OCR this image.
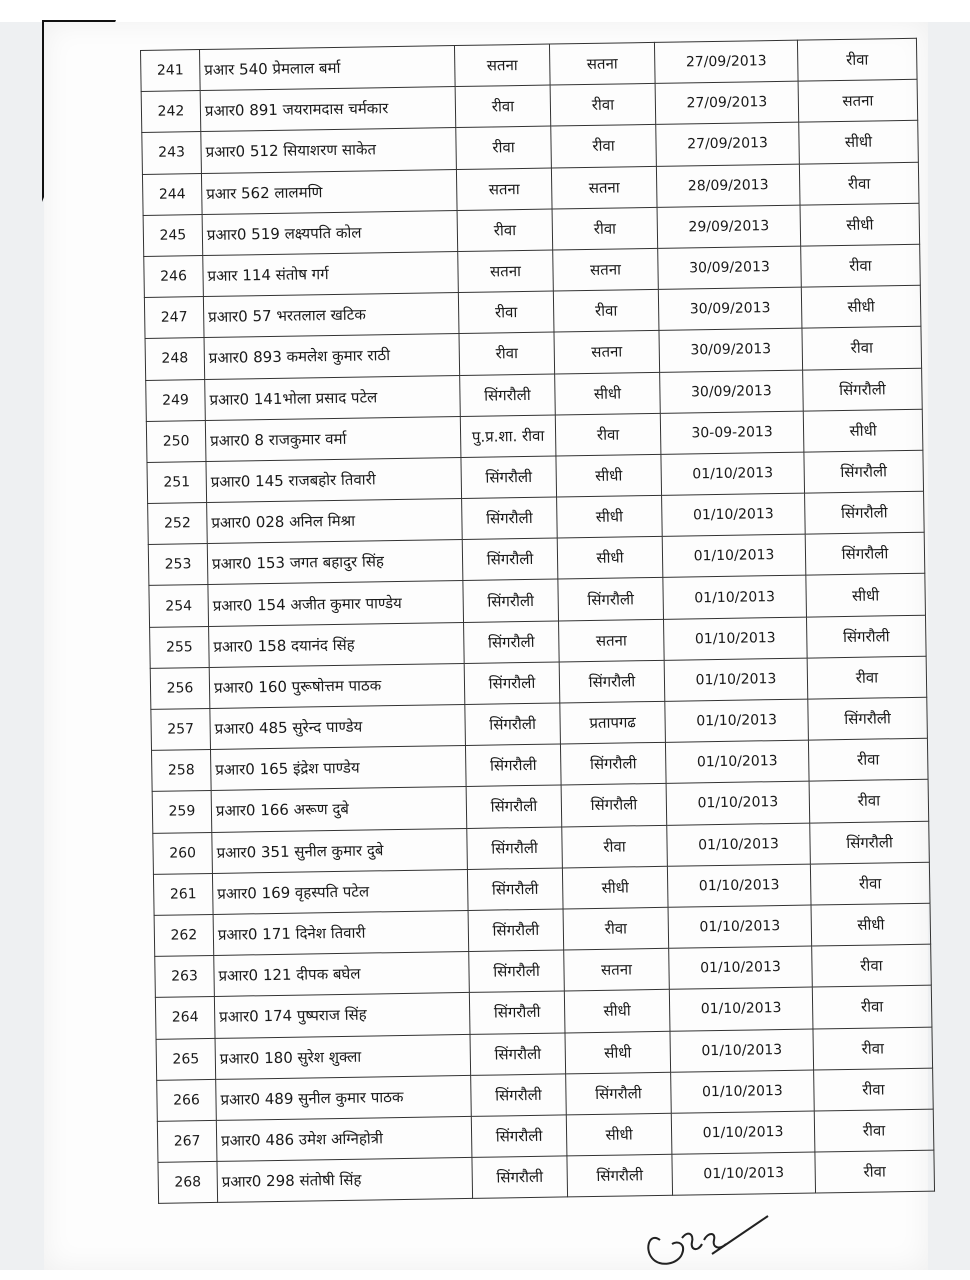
241	प्रआर 540 प्रेमलाल बर्मा	सतना	सतना	27/09/2013	रीवा
242	प्रआर0 891 जयरामदास चर्मकार	रीवा	रीवा	27/09/2013	सतना
243	प्रआर0 512 सियाशरण साकेत	रीवा	रीवा	27/09/2013	सीधी
244	प्रआर 562 लालमणि	सतना	सतना	28/09/2013	रीवा
245	प्रआर0 519 लक्ष्यपति कोल	रीवा	रीवा	29/09/2013	सीधी
246	प्रआर 114 संतोष गर्ग	सतना	सतना	30/09/2013	रीवा
247	प्रआर0 57 भरतलाल खटिक	रीवा	रीवा	30/09/2013	सीधी
248	प्रआर0 893 कमलेश कुमार राठी	रीवा	सतना	30/09/2013	रीवा
249	प्रआर0 141भोला प्रसाद पटेल	सिंगरौली	सीधी	30/09/2013	सिंगरौली
250	प्रआर0 8 राजकुमार वर्मा	पु.प्र.शा. रीवा	रीवा	30-09-2013	सीधी
251	प्रआर0 145 राजबहोर तिवारी	सिंगरौली	सीधी	01/10/2013	सिंगरौली
252	प्रआर0 028 अनिल मिश्रा	सिंगरौली	सीधी	01/10/2013	सिंगरौली
253	प्रआर0 153 जगत बहादुर सिंह	सिंगरौली	सीधी	01/10/2013	सिंगरौली
254	प्रआर0 154 अजीत कुमार पाण्डेय	सिंगरौली	सिंगरौली	01/10/2013	सीधी
255	प्रआर0 158 दयानंद सिंह	सिंगरौली	सतना	01/10/2013	सिंगरौली
256	प्रआर0 160 पुरूषोत्तम पाठक	सिंगरौली	सिंगरौली	01/10/2013	रीवा
257	प्रआर0 485 सुरेन्द पाण्डेय	सिंगरौली	प्रतापगढ	01/10/2013	सिंगरौली
258	प्रआर0 165 इंद्रेश पाण्डेय	सिंगरौली	सिंगरौली	01/10/2013	रीवा
259	प्रआर0 166 अरूण दुबे	सिंगरौली	सिंगरौली	01/10/2013	रीवा
260	प्रआर0 351 सुनील कुमार दुबे	सिंगरौली	रीवा	01/10/2013	सिंगरौली
261	प्रआर0 169 वृहस्पति पटेल	सिंगरौली	सीधी	01/10/2013	रीवा
262	प्रआर0 171 दिनेश तिवारी	सिंगरौली	रीवा	01/10/2013	सीधी
263	प्रआर0 121 दीपक बघेल	सिंगरौली	सतना	01/10/2013	रीवा
264	प्रआर0 174 पुष्पराज सिंह	सिंगरौली	सीधी	01/10/2013	रीवा
265	प्रआर0 180 सुरेश शुक्ला	सिंगरौली	सीधी	01/10/2013	रीवा
266	प्रआर0 489 सुनील कुमार पाठक	सिंगरौली	सिंगरौली	01/10/2013	रीवा
267	प्रआर0 486 उमेश अग्निहोत्री	सिंगरौली	सीधी	01/10/2013	रीवा
268	प्रआर0 298 संतोषी सिंह	सिंगरौली	सिंगरौली	01/10/2013	रीवा
